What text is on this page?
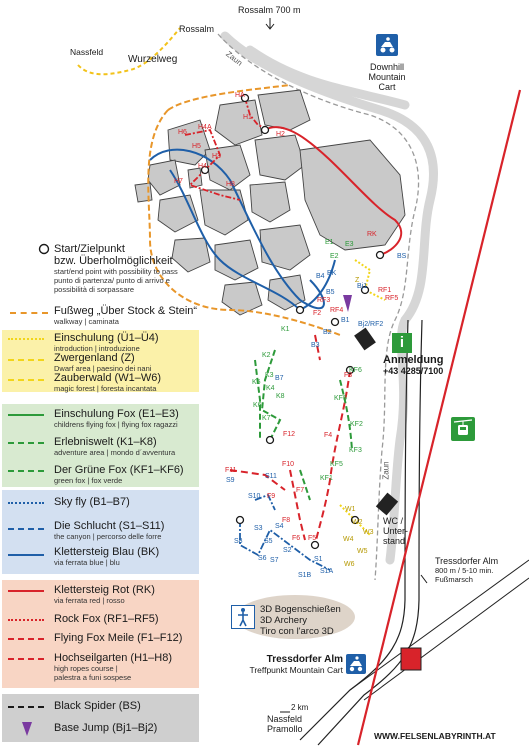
HA
H1
H2
H4A
H6
H5
H4
H3
H7	H8
RK
RF1
RF3
RF4
RF5
F2
F3
F4
F5
F6
F7
F8
F9
F10
F11
F12
BK
B1
B4
B2
B5
B3
B7
Bj2/RF2
Bj1
BS
S8
S3
S5
S4
S6 S7	S1
S1A
S1B
S2
S9
S10
S11
K2
K3
K4
K5
K6
K7
K8
K1
KF6
KF5
KF2
KF3
KF5
KF1
E1
E2
E3
Z
W1
W2
W3
W4
W5
W6
Rossalm 700 m
Rossalm
Nassfeld
Wurzelweg	Zaun
Zaun
Downhill
Mountain
Cart
i
Anmeldung
+43 4285/7100
WC /
Unter-
stand
Tressdorfer Alm
800 m / 5-10 min.
Fußmarsch
3D Bogenschießen
3D Archery
Tiro con l'arco 3D
Tressdorfer Alm
Treffpunkt Mountain Cart
2 km
Nassfeld
Pramollo
WWW.FELSENLABYRINTH.AT
Start/Zielpunkt
bzw. Überholmöglichkeit
start/end point with possibility to pass
punto di partenza/ punto di arrivo e
possibilità di sorpassare
Fußweg „Über Stock & Stein“
walkway | caminata
Einschulung (Ü1–Ü4)
introduction | introduzione
Zwergenland (Z)
Dwarf area | paesino dei nani
Zauberwald (W1–W6)
magic forest | foresta incantata
Einschulung Fox (E1–E3)
childrens flying fox | flying fox ragazzi
Erlebniswelt (K1–K8)
adventure area | mondo d´avventura
Der Grüne Fox (KF1–KF6)
green fox | fox verde
Sky fly (B1–B7)
Die Schlucht (S1–S11)
the canyon | percorso delle forre
Klettersteig Blau (BK)
via ferrata blue | blu
Klettersteig Rot (RK)
via ferrata red | rosso
Rock Fox (RF1–RF5)
Flying Fox Meile (F1–F12)
Hochseilgarten (H1–H8)
high ropes course |
palestra a funi sospese
Black Spider (BS)
Base Jump (Bj1–Bj2)
